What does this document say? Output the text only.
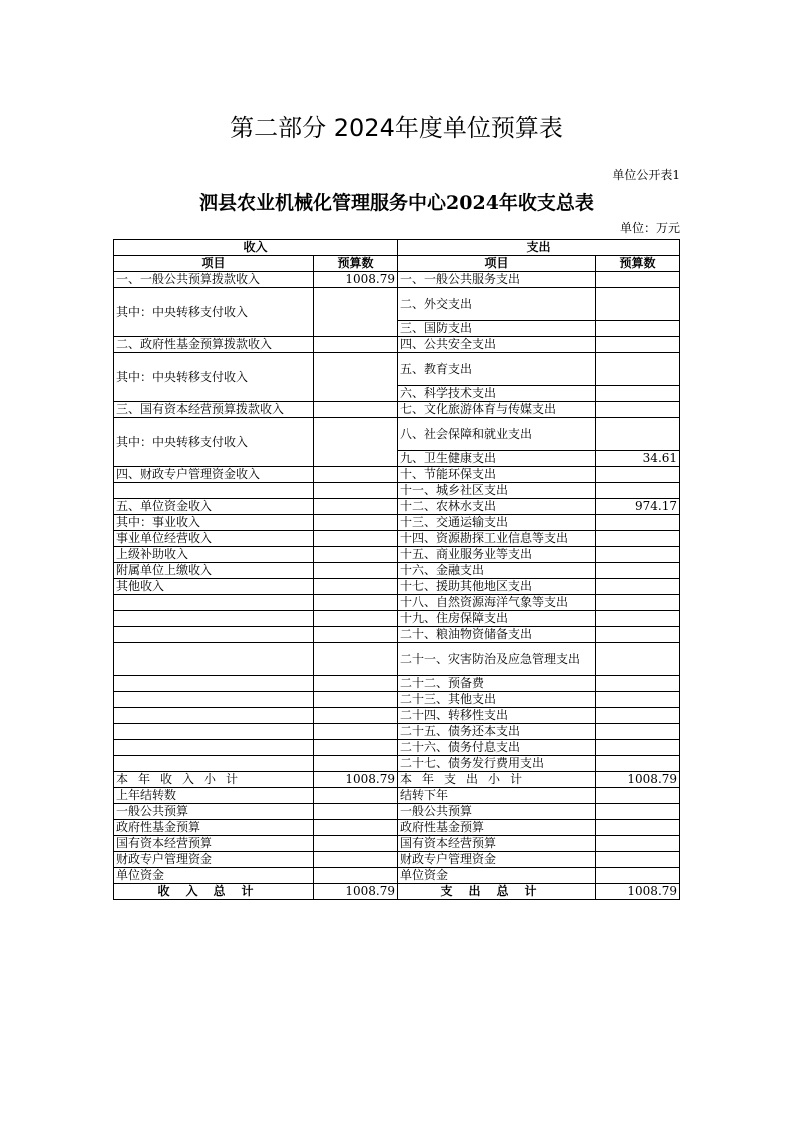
第二部分 2024年度单位预算表
单位公开表1
泗县农业机械化管理服务中心2024年收支总表
单位：万元
收入		支出	
项目	预算数	项目	预算数
一、一般公共预算拨款收入	1008.79	一、一般公共服务支出	
其中：中央转移支付收入		二、外交支出	
		三、国防支出	
二、政府性基金预算拨款收入		四、公共安全支出	
其中：中央转移支付收入		五、教育支出	
		六、科学技术支出	
三、国有资本经营预算拨款收入		七、文化旅游体育与传媒支出	
其中：中央转移支付收入		八、社会保障和就业支出	
		九、卫生健康支出	34.61
四、财政专户管理资金收入		十、节能环保支出	
		十一、城乡社区支出	
五、单位资金收入		十二、农林水支出	974.17
其中：事业收入		十三、交通运输支出	
事业单位经营收入		十四、资源勘探工业信息等支出	
上级补助收入		十五、商业服务业等支出	
附属单位上缴收入		十六、金融支出	
其他收入		十七、援助其他地区支出	
		十八、自然资源海洋气象等支出	
		十九、住房保障支出	
		二十、粮油物资储备支出	
		二十一、灾害防治及应急管理支出	
		二十二、预备费	
		二十三、其他支出	
		二十四、转移性支出	
		二十五、债务还本支出	
		二十六、债务付息支出	
		二十七、债务发行费用支出	
本年收入小计	1008.79	本年支出小计	1008.79
上年结转数		结转下年	
一般公共预算		一般公共预算	
政府性基金预算		政府性基金预算	
国有资本经营预算		国有资本经营预算	
财政专户管理资金		财政专户管理资金	
单位资金		单位资金	
收入总计	1008.79	支出总计	1008.79
